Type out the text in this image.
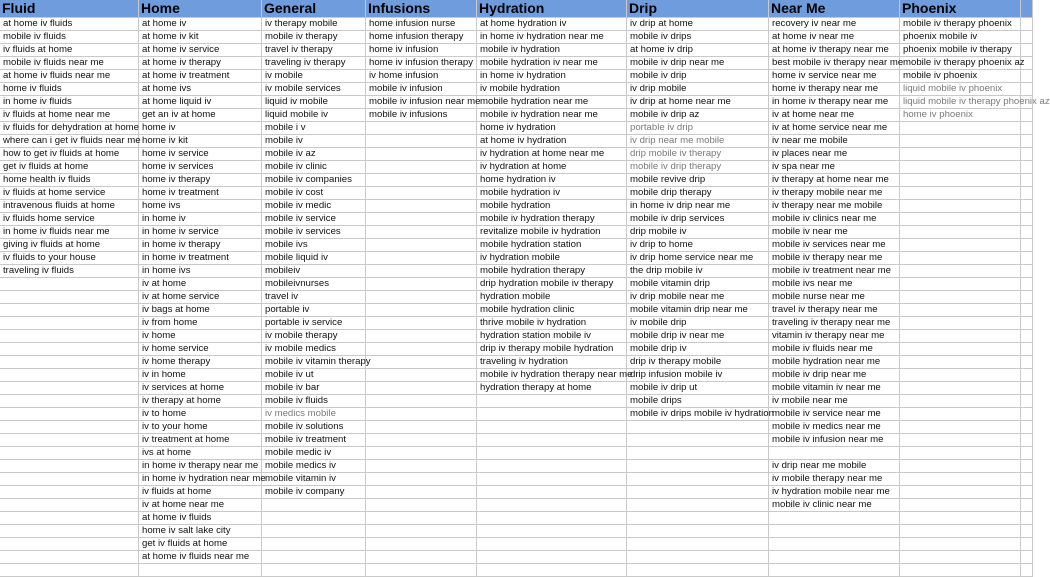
Fluid
at home iv fluids
mobile iv fluids
iv fluids at home
mobile iv fluids near me
at home iv fluids near me
home iv fluids
in home iv fluids
iv fluids at home near me
iv fluids for dehydration at home
where can i get iv fluids near me
how to get iv fluids at home
get iv fluids at home
home health iv fluids
iv fluids at home service
intravenous fluids at home
iv fluids home service
in home iv fluids near me
giving iv fluids at home
iv fluids to your house
traveling iv fluids
Home
at home iv
at home iv kit
at home iv service
at home iv therapy
at home iv treatment
at home ivs
at home liquid iv
get an iv at home
home iv
home iv kit
home iv service
home iv services
home iv therapy
home iv treatment
home ivs
in home iv
in home iv service
in home iv therapy
in home iv treatment
in home ivs
iv at home
iv at home service
iv bags at home
iv from home
iv home
iv home service
iv home therapy
iv in home
iv services at home
iv therapy at home
iv to home
iv to your home
iv treatment at home
ivs at home
in home iv therapy near me
in home iv hydration near me
iv fluids at home
iv at home near me
at home iv fluids
home iv salt lake city
get iv fluids at home
at home iv fluids near me
General
iv therapy mobile
mobile iv therapy
travel iv therapy
traveling iv therapy
iv mobile
iv mobile services
liquid iv mobile
liquid mobile iv
mobile i v
mobile iv
mobile iv az
mobile iv clinic
mobile iv companies
mobile iv cost
mobile iv medic
mobile iv service
mobile iv services
mobile ivs
mobile liquid iv
mobileiv
mobileivnurses
travel iv
portable iv
portable iv service
iv mobile therapy
iv mobile medics
mobile iv vitamin therapy
mobile iv ut
mobile iv bar
mobile iv fluids
iv medics mobile
mobile iv solutions
mobile iv treatment
mobile medic iv
mobile medics iv
mobile vitamin iv
mobile iv company
Infusions
home infusion nurse
home infusion therapy
home iv infusion
home iv infusion therapy
iv home infusion
mobile iv infusion
mobile iv infusion near me
mobile iv infusions
Hydration
at home hydration iv
in home iv hydration near me
mobile iv hydration
mobile hydration iv near me
in home iv hydration
iv mobile hydration
mobile hydration near me
mobile iv hydration near me
home iv hydration
at home iv hydration
iv hydration at home near me
iv hydration at home
home hydration iv
mobile hydration iv
mobile hydration
mobile iv hydration therapy
revitalize mobile iv hydration
mobile hydration station
iv hydration mobile
mobile hydration therapy
drip hydration mobile iv therapy
hydration mobile
mobile hydration clinic
thrive mobile iv hydration
hydration station mobile iv
drip iv therapy mobile hydration
traveling iv hydration
mobile iv hydration therapy near me
hydration therapy at home
Drip
iv drip at home
mobile iv drips
at home iv drip
mobile iv drip near me
mobile iv drip
iv drip mobile
iv drip at home near me
mobile iv drip az
portable iv drip
iv drip near me mobile
drip mobile iv therapy
mobile iv drip therapy
mobile revive drip
mobile drip therapy
in home iv drip near me
mobile iv drip services
drip mobile iv
iv drip to home
iv drip home service near me
the drip mobile iv
mobile vitamin drip
iv drip mobile near me
mobile vitamin drip near me
iv mobile drip
mobile drip iv near me
mobile drip iv
drip iv therapy mobile
drip infusion mobile iv
mobile iv drip ut
mobile drips
mobile iv drips mobile iv hydration
Near Me
recovery iv near me
at home iv near me
at home iv therapy near me
best mobile iv therapy near me
home iv service near me
home iv therapy near me
in home iv therapy near me
iv at home near me
iv at home service near me
iv near me mobile
iv places near me
iv spa near me
iv therapy at home near me
iv therapy mobile near me
iv therapy near me mobile
mobile iv clinics near me
mobile iv near me
mobile iv services near me
mobile iv therapy near me
mobile iv treatment near me
mobile ivs near me
mobile nurse near me
travel iv therapy near me
traveling iv therapy near me
vitamin iv therapy near me
mobile iv fluids near me
mobile hydration near me
mobile iv drip near me
mobile vitamin iv near me
iv mobile near me
mobile iv service near me
mobile iv medics near me
mobile iv infusion near me
iv drip near me mobile
iv mobile therapy near me
iv hydration mobile near me
mobile iv clinic near me
Phoenix
mobile iv therapy phoenix
phoenix mobile iv
phoenix mobile iv therapy
mobile iv therapy phoenix az
mobile iv phoenix
liquid mobile iv phoenix
liquid mobile iv therapy phoenix az
home iv phoenix
